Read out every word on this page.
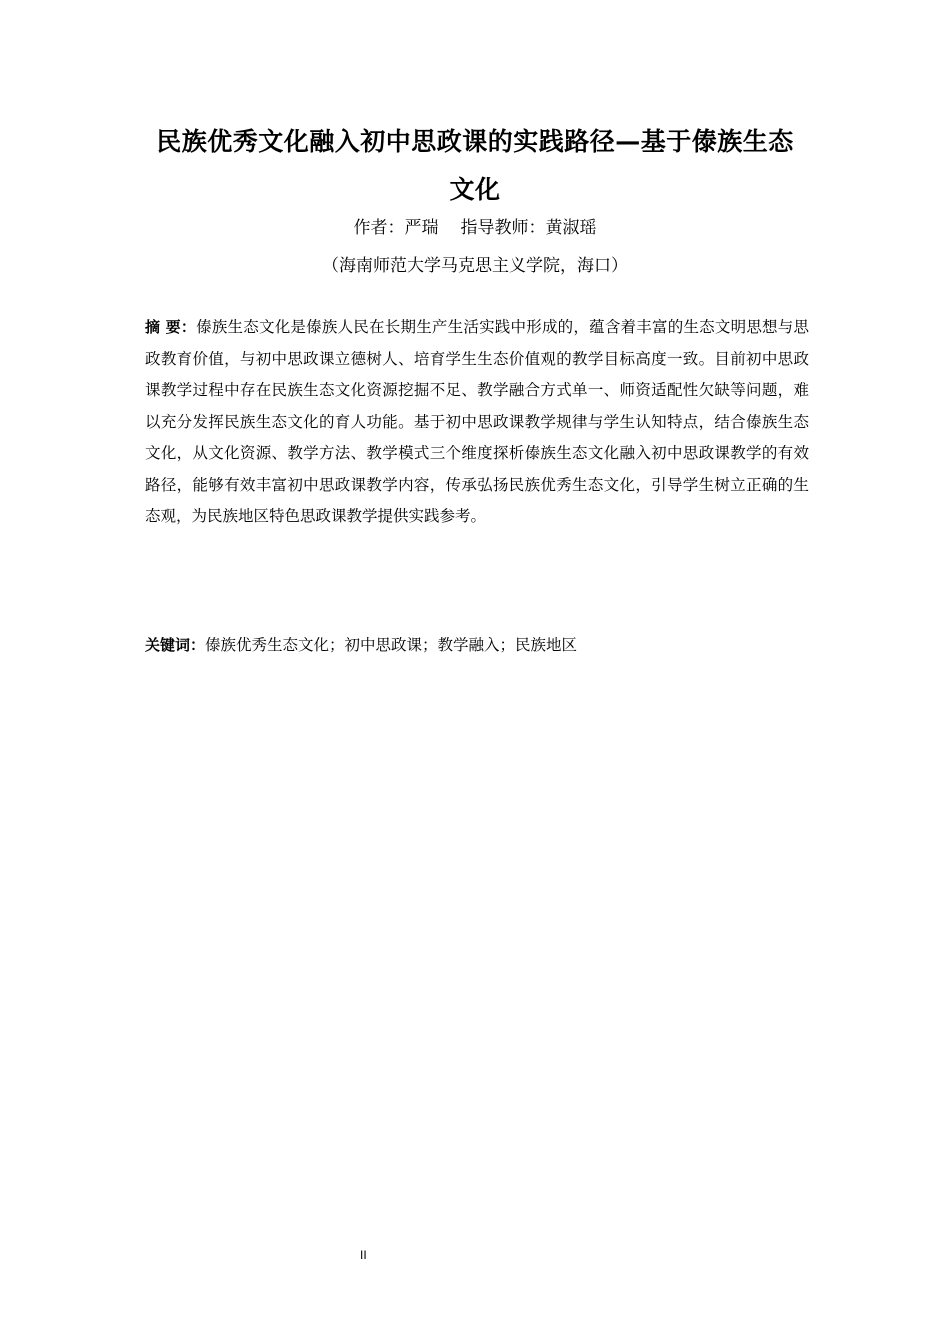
民族优秀文化融入初中思政课的实践路径—基于傣族生态
文化
作者：严瑞 指导教师：黄淑瑶
（海南师范大学马克思主义学院，海口）

摘 要：傣族生态文化是傣族人民在长期生产生活实践中形成的，蕴含着丰富的生态文明思想与思政教育价值，与初中思政课立德树人、培育学生生态价值观的教学目标高度一致。目前初中思政课教学过程中存在民族生态文化资源挖掘不足、教学融合方式单一、师资适配性欠缺等问题，难以充分发挥民族生态文化的育人功能。基于初中思政课教学规律与学生认知特点，结合傣族生态文化，从文化资源、教学方法、教学模式三个维度探析傣族生态文化融入初中思政课教学的有效路径，能够有效丰富初中思政课教学内容，传承弘扬民族优秀生态文化，引导学生树立正确的生态观，为民族地区特色思政课教学提供实践参考。

关键词：傣族优秀生态文化；初中思政课；教学融入；民族地区

II
